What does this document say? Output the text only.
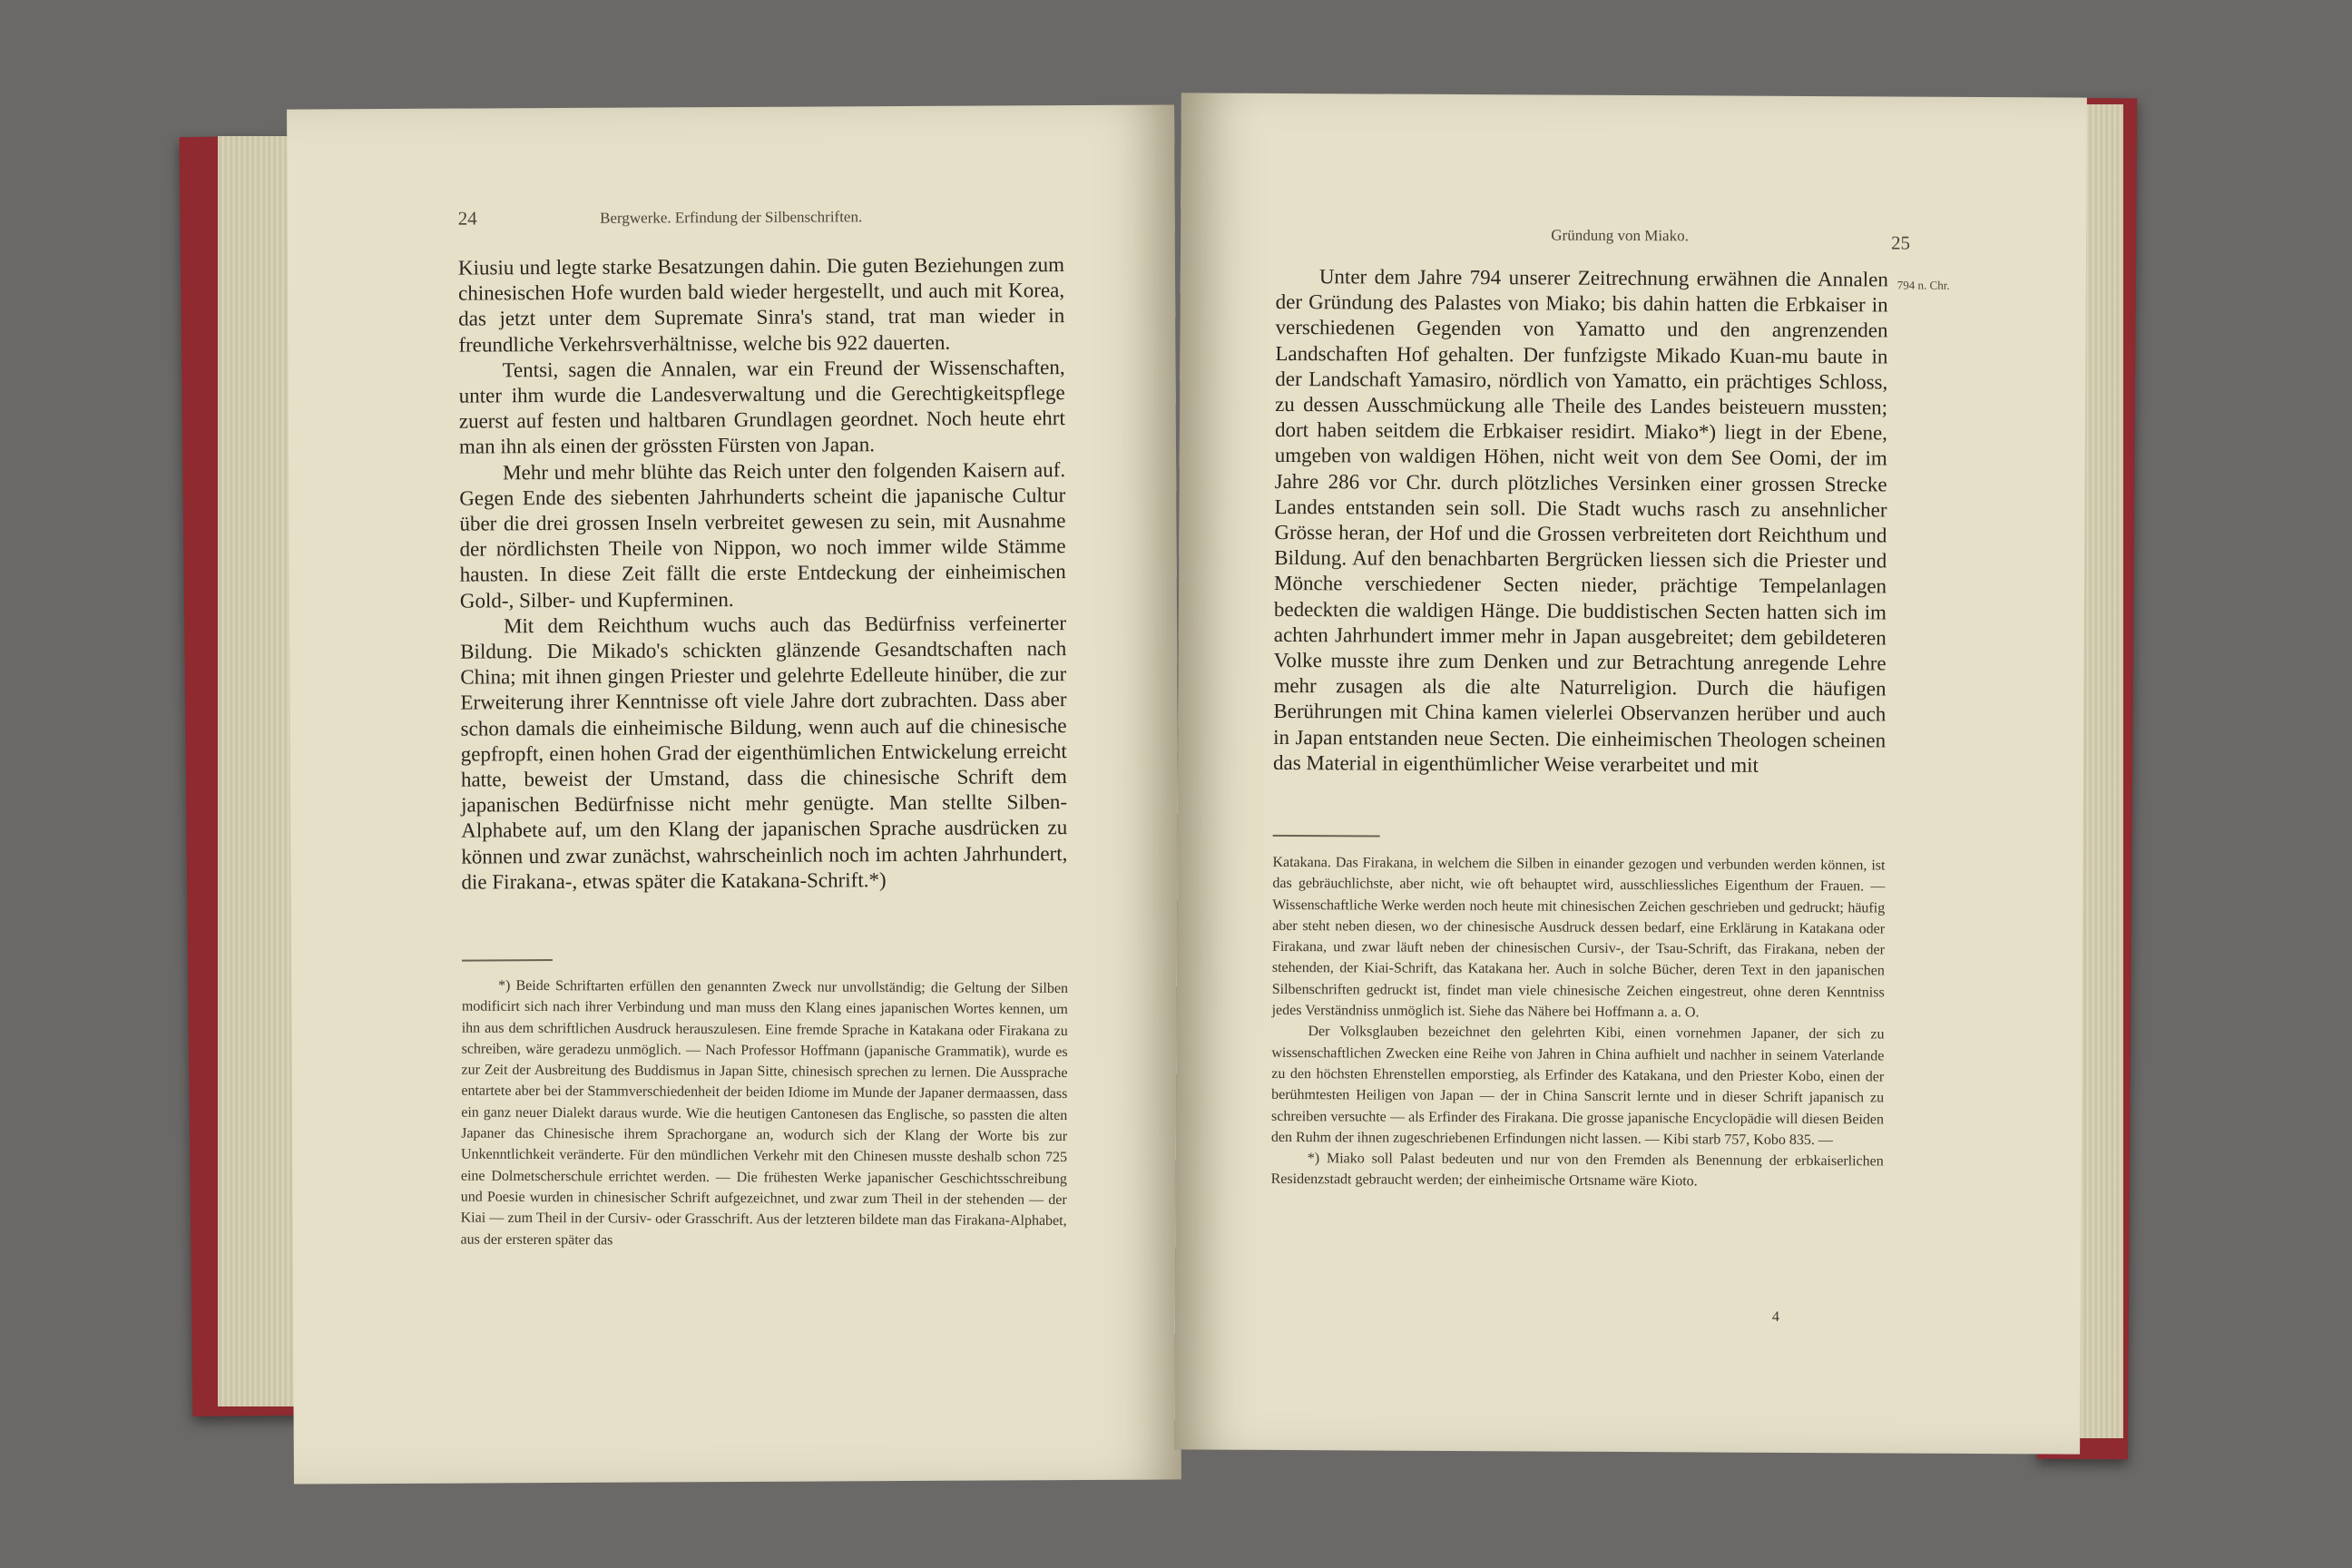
24	Bergwerke. Erfindung der Silbenschriften.

Kiusiu und legte starke Besatzungen dahin. Die guten Beziehungen zum chinesischen Hofe wurden bald wieder hergestellt, und auch mit Korea, das jetzt unter dem Supremate Sinra's stand, trat man wieder in freundliche Verkehrsverhältnisse, welche bis 922 dauerten.

Tentsi, sagen die Annalen, war ein Freund der Wissenschaften, unter ihm wurde die Landesverwaltung und die Gerechtigkeitspflege zuerst auf festen und haltbaren Grundlagen geordnet. Noch heute ehrt man ihn als einen der grössten Fürsten von Japan.

Mehr und mehr blühte das Reich unter den folgenden Kaisern auf. Gegen Ende des siebenten Jahrhunderts scheint die japanische Cultur über die drei grossen Inseln verbreitet gewesen zu sein, mit Ausnahme der nördlichsten Theile von Nippon, wo noch immer wilde Stämme hausten. In diese Zeit fällt die erste Entdeckung der einheimischen Gold-, Silber- und Kupferminen.

Mit dem Reichthum wuchs auch das Bedürfniss verfeinerter Bildung. Die Mikado's schickten glänzende Gesandtschaften nach China; mit ihnen gingen Priester und gelehrte Edelleute hinüber, die zur Erweiterung ihrer Kenntnisse oft viele Jahre dort zubrachten. Dass aber schon damals die einheimische Bildung, wenn auch auf die chinesische gepfropft, einen hohen Grad der eigenthümlichen Entwickelung erreicht hatte, beweist der Umstand, dass die chinesische Schrift dem japanischen Bedürfnisse nicht mehr genügte. Man stellte Silben-Alphabete auf, um den Klang der japanischen Sprache ausdrücken zu können und zwar zunächst, wahrscheinlich noch im achten Jahrhundert, die Firakana-, etwas später die Katakana-Schrift.*)

*) Beide Schriftarten erfüllen den genannten Zweck nur unvollständig; die Geltung der Silben modificirt sich nach ihrer Verbindung und man muss den Klang eines japanischen Wortes kennen, um ihn aus dem schriftlichen Ausdruck herauszulesen. Eine fremde Sprache in Katakana oder Firakana zu schreiben, wäre geradezu unmöglich. — Nach Professor Hoffmann (japanische Grammatik), wurde es zur Zeit der Ausbreitung des Buddismus in Japan Sitte, chinesisch sprechen zu lernen. Die Aussprache entartete aber bei der Stammverschiedenheit der beiden Idiome im Munde der Japaner dermaassen, dass ein ganz neuer Dialekt daraus wurde. Wie die heutigen Cantonesen das Englische, so passten die alten Japaner das Chinesische ihrem Sprachorgane an, wodurch sich der Klang der Worte bis zur Unkenntlichkeit veränderte. Für den mündlichen Verkehr mit den Chinesen musste deshalb schon 725 eine Dolmetscherschule errichtet werden. — Die frühesten Werke japanischer Geschichtsschreibung und Poesie wurden in chinesischer Schrift aufgezeichnet, und zwar zum Theil in der stehenden — der Kiai — zum Theil in der Cursiv- oder Grasschrift. Aus der letzteren bildete man das Firakana-Alphabet, aus der ersteren später das

Gründung von Miako.	25
794 n. Chr.

Unter dem Jahre 794 unserer Zeitrechnung erwähnen die Annalen der Gründung des Palastes von Miako; bis dahin hatten die Erbkaiser in verschiedenen Gegenden von Yamatto und den angrenzenden Landschaften Hof gehalten. Der funfzigste Mikado Kuan-mu baute in der Landschaft Yamasiro, nördlich von Yamatto, ein prächtiges Schloss, zu dessen Ausschmückung alle Theile des Landes beisteuern mussten; dort haben seitdem die Erbkaiser residirt. Miako*) liegt in der Ebene, umgeben von waldigen Höhen, nicht weit von dem See Oomi, der im Jahre 286 vor Chr. durch plötzliches Versinken einer grossen Strecke Landes entstanden sein soll. Die Stadt wuchs rasch zu ansehnlicher Grösse heran, der Hof und die Grossen verbreiteten dort Reichthum und Bildung. Auf den benachbarten Bergrücken liessen sich die Priester und Mönche verschiedener Secten nieder, prächtige Tempelanlagen bedeckten die waldigen Hänge. Die buddistischen Secten hatten sich im achten Jahrhundert immer mehr in Japan ausgebreitet; dem gebildeteren Volke musste ihre zum Denken und zur Betrachtung anregende Lehre mehr zusagen als die alte Naturreligion. Durch die häufigen Berührungen mit China kamen vielerlei Observanzen herüber und auch in Japan entstanden neue Secten. Die einheimischen Theologen scheinen das Material in eigenthümlicher Weise verarbeitet und mit

Katakana. Das Firakana, in welchem die Silben in einander gezogen und verbunden werden können, ist das gebräuchlichste, aber nicht, wie oft behauptet wird, ausschliessliches Eigenthum der Frauen. — Wissenschaftliche Werke werden noch heute mit chinesischen Zeichen geschrieben und gedruckt; häufig aber steht neben diesen, wo der chinesische Ausdruck dessen bedarf, eine Erklärung in Katakana oder Firakana, und zwar läuft neben der chinesischen Cursiv-, der Tsau-Schrift, das Firakana, neben der stehenden, der Kiai-Schrift, das Katakana her. Auch in solche Bücher, deren Text in den japanischen Silbenschriften gedruckt ist, findet man viele chinesische Zeichen eingestreut, ohne deren Kenntniss jedes Verständniss unmöglich ist. Siehe das Nähere bei Hoffmann a. a. O.

Der Volksglauben bezeichnet den gelehrten Kibi, einen vornehmen Japaner, der sich zu wissenschaftlichen Zwecken eine Reihe von Jahren in China aufhielt und nachher in seinem Vaterlande zu den höchsten Ehrenstellen emporstieg, als Erfinder des Katakana, und den Priester Kobo, einen der berühmtesten Heiligen von Japan — der in China Sanscrit lernte und in dieser Schrift japanisch zu schreiben versuchte — als Erfinder des Firakana. Die grosse japanische Encyclopädie will diesen Beiden den Ruhm der ihnen zugeschriebenen Erfindungen nicht lassen. — Kibi starb 757, Kobo 835. —

*) Miako soll Palast bedeuten und nur von den Fremden als Benennung der erbkaiserlichen Residenzstadt gebraucht werden; der einheimische Ortsname wäre Kioto.

4
